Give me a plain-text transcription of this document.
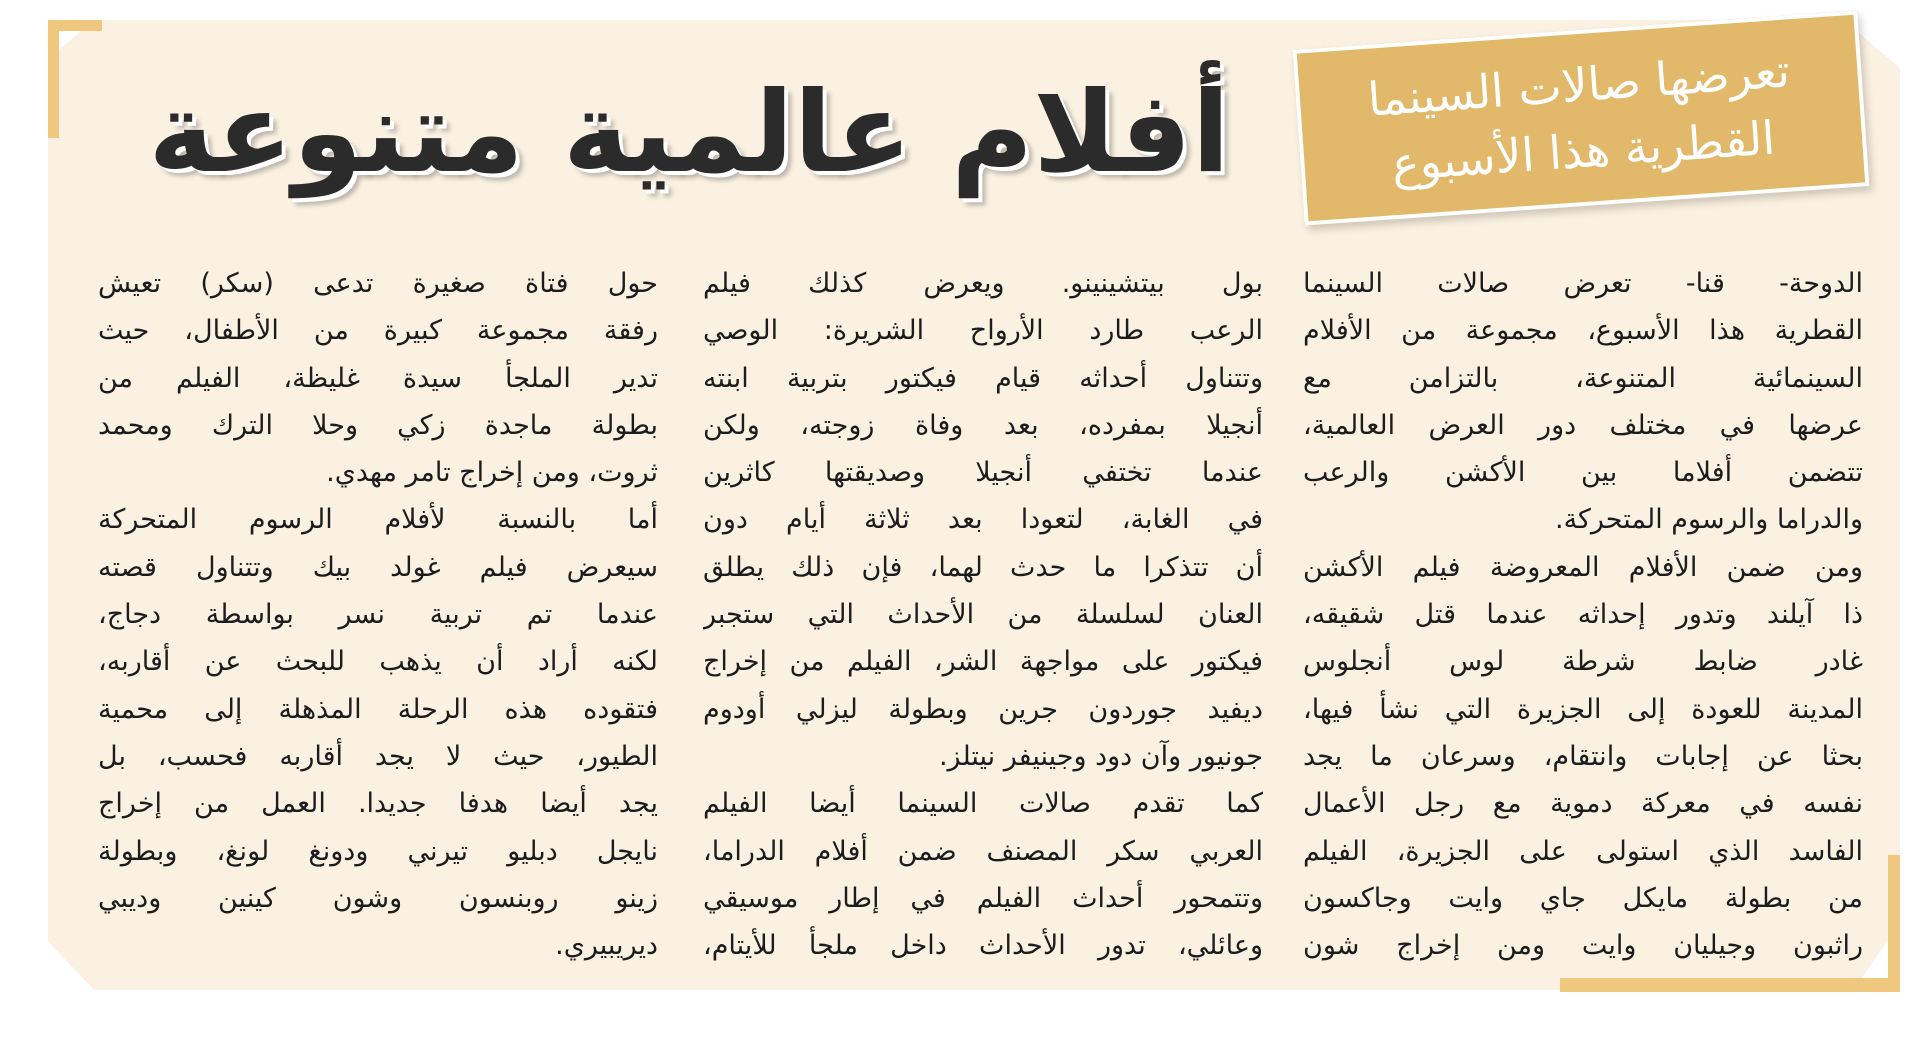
تعرضها صالات السينما
القطرية هذا الأسبوع
أفلام عالمية متنوعة
الدوحة- قنا- تعرض صالات السينما
القطرية هذا الأسبوع، مجموعة من الأفلام
السينمائية المتنوعة، بالتزامن مع
عرضها في مختلف دور العرض العالمية،
تتضمن أفلاما بين الأكشن والرعب
والدراما والرسوم المتحركة.
ومن ضمن الأفلام المعروضة فيلم الأكشن
ذا آيلند وتدور إحداثه عندما قتل شقيقه،
غادر ضابط شرطة لوس أنجلوس
المدينة للعودة إلى الجزيرة التي نشأ فيها،
بحثا عن إجابات وانتقام، وسرعان ما يجد
نفسه في معركة دموية مع رجل الأعمال
الفاسد الذي استولى على الجزيرة، الفيلم
من بطولة مايكل جاي وايت وجاكسون
راثبون وجيليان وايت ومن إخراج شون
بول بيتشينينو. ويعرض كذلك فيلم
الرعب طارد الأرواح الشريرة: الوصي
وتتناول أحداثه قيام فيكتور بتربية ابنته
أنجيلا بمفرده، بعد وفاة زوجته، ولكن
عندما تختفي أنجيلا وصديقتها كاثرين
في الغابة، لتعودا بعد ثلاثة أيام دون
أن تتذكرا ما حدث لهما، فإن ذلك يطلق
العنان لسلسلة من الأحداث التي ستجبر
فيكتور على مواجهة الشر، الفيلم من إخراج
ديفيد جوردون جرين وبطولة ليزلي أودوم
جونيور وآن دود وجينيفر نيتلز.
كما تقدم صالات السينما أيضا الفيلم
العربي سكر المصنف ضمن أفلام الدراما،
وتتمحور أحداث الفيلم في إطار موسيقي
وعائلي، تدور الأحداث داخل ملجأ للأيتام،
حول فتاة صغيرة تدعى (سكر) تعيش
رفقة مجموعة كبيرة من الأطفال، حيث
تدير الملجأ سيدة غليظة، الفيلم من
بطولة ماجدة زكي وحلا الترك ومحمد
ثروت، ومن إخراج تامر مهدي.
أما بالنسبة لأفلام الرسوم المتحركة
سيعرض فيلم غولد بيك وتتناول قصته
عندما تم تربية نسر بواسطة دجاج،
لكنه أراد أن يذهب للبحث عن أقاربه،
فتقوده هذه الرحلة المذهلة إلى محمية
الطيور، حيث لا يجد أقاربه فحسب، بل
يجد أيضا هدفا جديدا. العمل من إخراج
نايجل دبليو تيرني ودونغ لونغ، وبطولة
زينو روبنسون وشون كينين وديبي
ديريبيري.
